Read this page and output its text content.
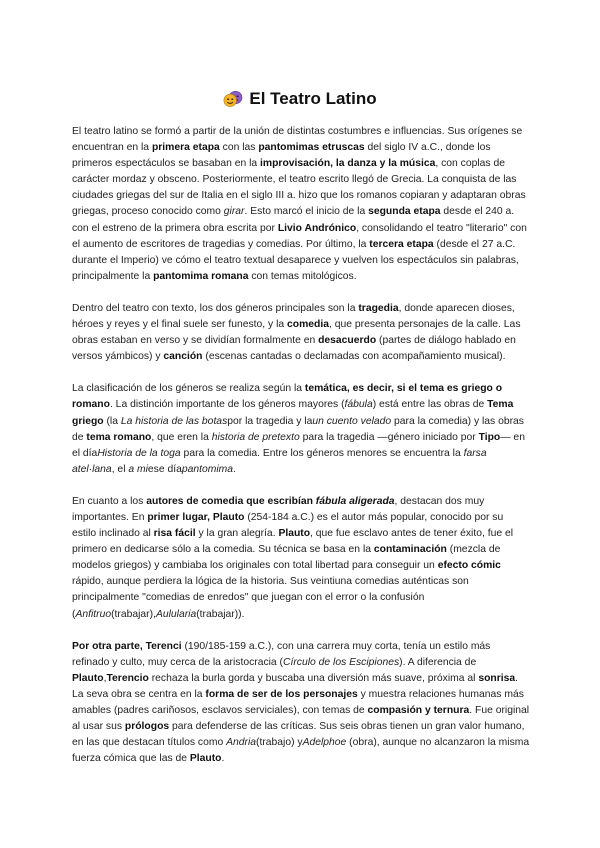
El Teatro Latino

El teatro latino se formó a partir de la unión de distintas costumbres e influencias. Sus orígenes se encuentran en la primera etapa con las pantomimas etruscas del siglo IV a.C., donde los primeros espectáculos se basaban en la improvisación, la danza y la música, con coplas de carácter mordaz y obsceno. Posteriormente, el teatro escrito llegó de Grecia. La conquista de las ciudades griegas del sur de Italia en el siglo III a. hizo que los romanos copiaran y adaptaran obras griegas, proceso conocido como girar. Esto marcó el inicio de la segunda etapa desde el 240 a. con el estreno de la primera obra escrita por Livio Andrónico, consolidando el teatro "literario" con el aumento de escritores de tragedias y comedias. Por último, la tercera etapa (desde el 27 a.C. durante el Imperio) ve cómo el teatro textual desaparece y vuelven los espectáculos sin palabras, principalmente la pantomima romana con temas mitológicos.

Dentro del teatro con texto, los dos géneros principales son la tragedia, donde aparecen dioses, héroes y reyes y el final suele ser funesto, y la comedia, que presenta personajes de la calle. Las obras estaban en verso y se dividían formalmente en desacuerdo (partes de diálogo hablado en versos yámbicos) y canción (escenas cantadas o declamadas con acompañamiento musical).

La clasificación de los géneros se realiza según la temática, es decir, si el tema es griego o romano. La distinción importante de los géneros mayores (fábula) está entre las obras de Tema griego (la La historia de las botaspor la tragedia y laun cuento velado para la comedia) y las obras de tema romano, que eren la historia de pretexto para la tragedia —género iniciado por Tipo— en el díaHistoria de la toga para la comedia. Entre los géneros menores se encuentra la farsa atel·lana, el a miese díapantomima.

En cuanto a los autores de comedia que escribían fábula aligerada, destacan dos muy importantes. En primer lugar, Plauto (254-184 a.C.) es el autor más popular, conocido por su estilo inclinado al risa fácil y la gran alegría. Plauto, que fue esclavo antes de tener éxito, fue el primero en dedicarse sólo a la comedia. Su técnica se basa en la contaminación (mezcla de modelos griegos) y cambiaba los originales con total libertad para conseguir un efecto cómic rápido, aunque perdiera la lógica de la historia. Sus veintiuna comedias auténticas son principalmente "comedias de enredos" que juegan con el error o la confusión (Anfitruo(trabajar),Aulularia(trabajar)).

Por otra parte, Terenci (190/185-159 a.C.), con una carrera muy corta, tenía un estilo más refinado y culto, muy cerca de la aristocracia (Círculo de los Escipiones). A diferencia de Plauto,Terencio rechaza la burla gorda y buscaba una diversión más suave, próxima al sonrisa. La seva obra se centra en la forma de ser de los personajes y muestra relaciones humanas más amables (padres cariñosos, esclavos serviciales), con temas de compasión y ternura. Fue original al usar sus prólogos para defenderse de las críticas. Sus seis obras tienen un gran valor humano, en las que destacan títulos como Andria(trabajo) yAdelphoe (obra), aunque no alcanzaron la misma fuerza cómica que las de Plauto.
